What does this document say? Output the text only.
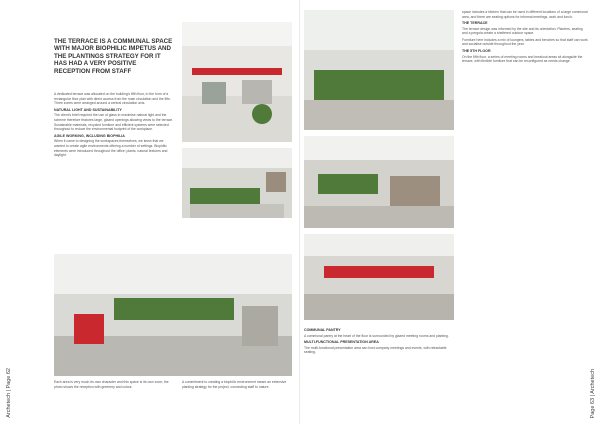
Archetech | Page 62
THE TERRACE IS A COMMUNAL SPACE WITH MAJOR BIOPHILIC IMPETUS AND THE PLANTINGS STRATEGY FOR IT HAS HAD A VERY POSITIVE RECEPTION FROM STAFF

A dedicated terrace was allocated on the building's fifth floor, in the form of a rectangular floor plan with direct access from the main circulation and the lifts. Three zones were arranged around a central circulation axis.

NATURAL LIGHT AND SUSTAINABILITY

The client's brief required the use of glass to maximise natural light and the scheme therefore features large, glazed openings allowing views to the terrace. Sustainable materials, recycled furniture and efficient systems were selected throughout to reduce the environmental footprint of the workplace.

AGILE WORKING, INCLUDING BIOPHILIA

When it came to designing the workspaces themselves, we knew that we wanted to create agile environments offering a number of settings. Biophilic elements were introduced throughout the office: plants, natural textures and daylight.

Each area is very much its own character and this space is its own zone; the photo shows the reception with greenery and colour.

A commitment to creating a biophilic environment meant an extensive planting strategy for the project, connecting staff to nature.	Page 63 | Archetech

space includes a kitchen that can be used in different locations of a large communal area, and there are seating options for informal meetings, work and lunch.

THE TERRACE

The terrace design was informed by the site and its orientation. Planters, seating and a pergola create a sheltered outdoor space.

Furniture here includes a mix of loungers, tables and benches so that staff can work and socialise outside throughout the year.

THE 5TH FLOOR

On the fifth floor, a series of meeting rooms and breakout areas sit alongside the terrace, with flexible furniture that can be reconfigured as needs change.

COMMUNAL PANTRY

A communal pantry at the heart of the floor is surrounded by glazed meeting rooms and planting.

MULTI-FUNCTIONAL PRESENTATION AREA

The multi-functional presentation area can host company meetings and events, with retractable seating.
